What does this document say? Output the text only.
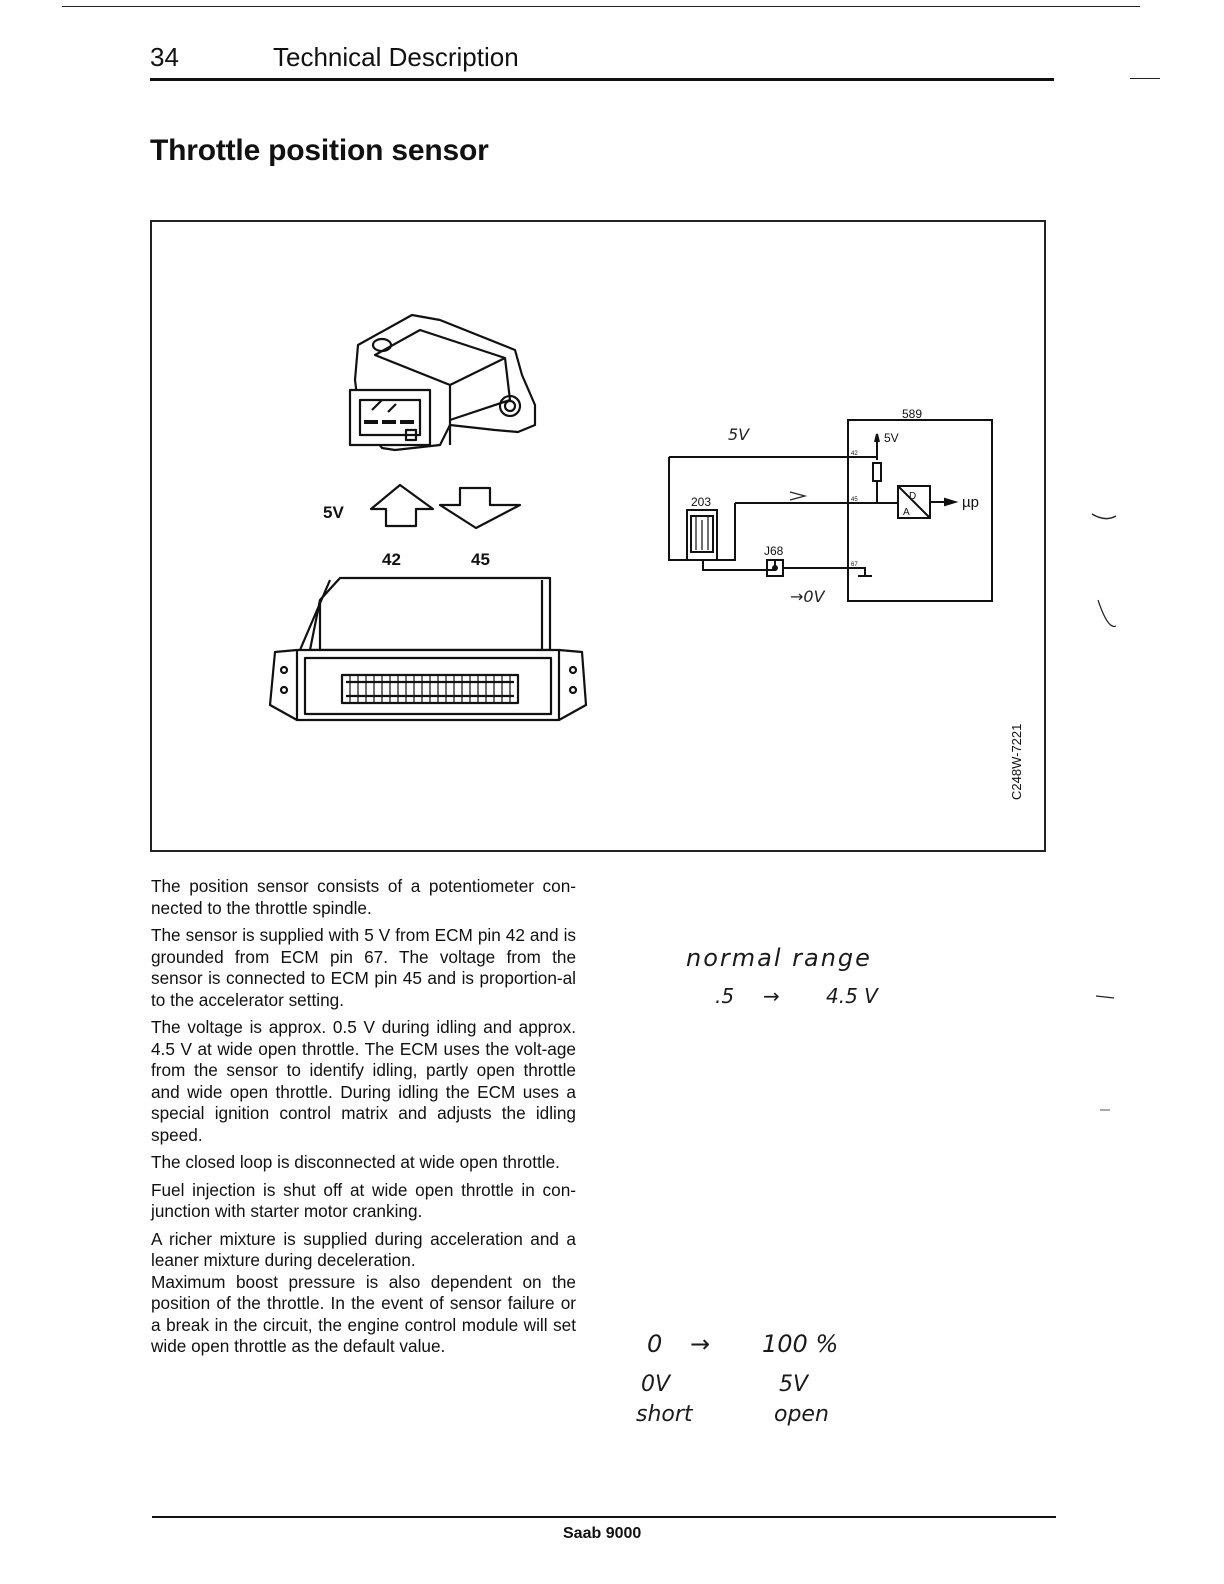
34	Technical Description
Throttle position sensor
5V
42	45
589
5V
42
45
67
203
J68
D
A
µp
5V
→0V
C248W-7221

The position sensor consists of a potentiometer con-nected to the throttle spindle.

The sensor is supplied with 5 V from ECM pin 42 and is grounded from ECM pin 67. The voltage from the sensor is connected to ECM pin 45 and is proportion-al to the accelerator setting.

The voltage is approx. 0.5 V during idling and approx. 4.5 V at wide open throttle. The ECM uses the volt-age from the sensor to identify idling, partly open throttle and wide open throttle. During idling the ECM uses a special ignition control matrix and adjusts the idling speed.

The closed loop is disconnected at wide open throttle.

Fuel injection is shut off at wide open throttle in con-junction with starter motor cranking.

A richer mixture is supplied during acceleration and a leaner mixture during deceleration.

Maximum boost pressure is also dependent on the position of the throttle. In the event of sensor failure or a break in the circuit, the engine control module will set wide open throttle as the default value.

normal range
.5 → 4.5 V
0 → 100 %
0V	5V
short	open
Saab 9000
